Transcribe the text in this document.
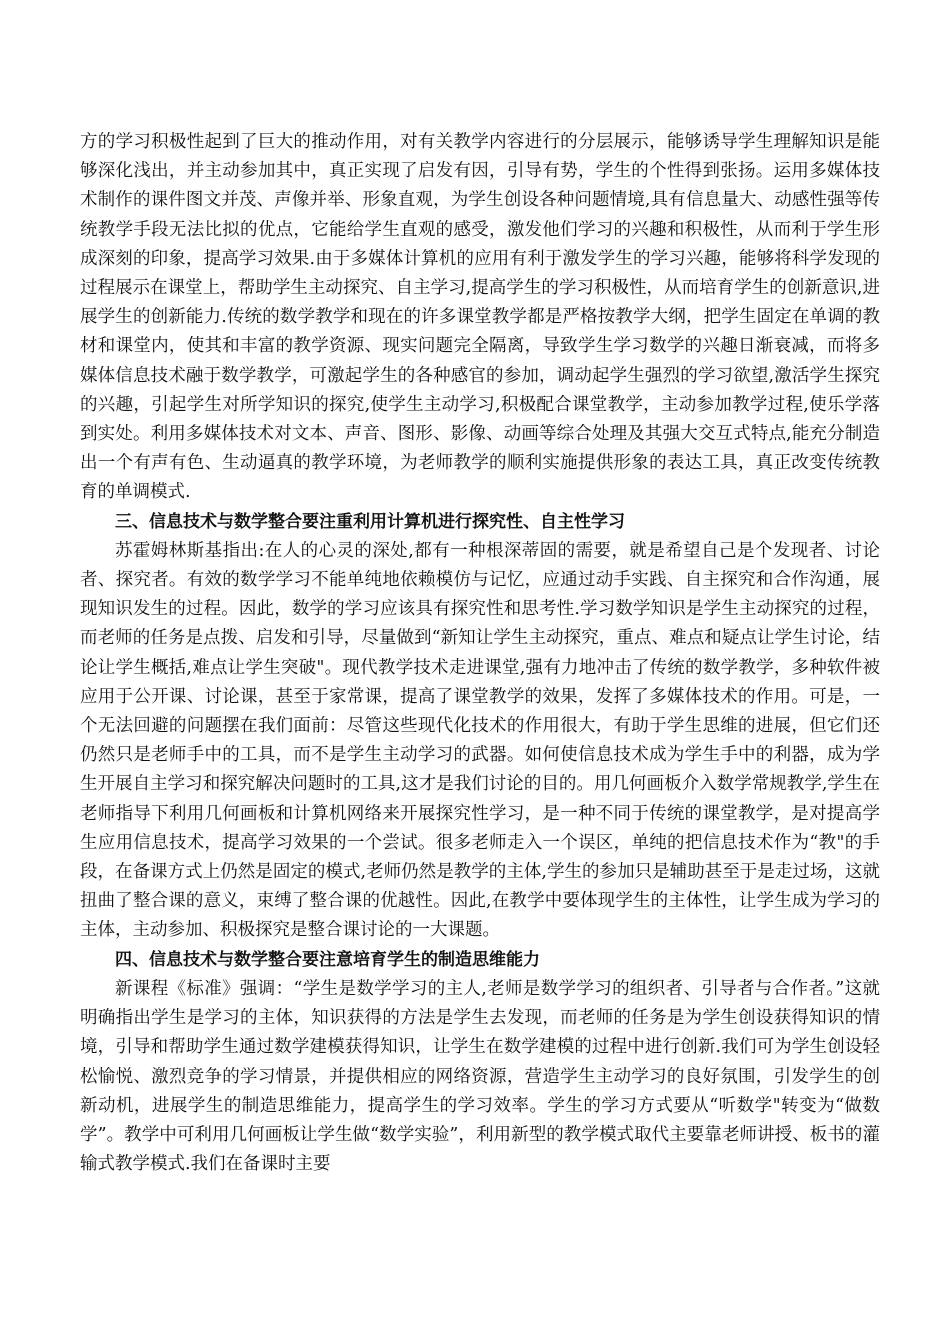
方的学习积极性起到了巨大的推动作用，对有关教学内容进行的分层展示，能够诱导学生理解知识是能够深化浅出，并主动参加其中，真正实现了启发有因，引导有势，学生的个性得到张扬。运用多媒体技术制作的课件图文并茂、声像并举、形象直观，为学生创设各种问题情境,具有信息量大、动感性强等传统教学手段无法比拟的优点，它能给学生直观的感受，激发他们学习的兴趣和积极性，从而利于学生形成深刻的印象，提高学习效果.由于多媒体计算机的应用有利于激发学生的学习兴趣，能够将科学发现的过程展示在课堂上，帮助学生主动探究、自主学习,提高学生的学习积极性，从而培育学生的创新意识,进展学生的创新能力.传统的数学教学和现在的许多课堂教学都是严格按教学大纲，把学生固定在单调的教材和课堂内，使其和丰富的教学资源、现实问题完全隔离，导致学生学习数学的兴趣日渐衰减，而将多媒体信息技术融于数学教学，可激起学生的各种感官的参加，调动起学生强烈的学习欲望,激活学生探究的兴趣，引起学生对所学知识的探究,使学生主动学习,积极配合课堂教学，主动参加教学过程,使乐学落到实处。利用多媒体技术对文本、声音、图形、影像、动画等综合处理及其强大交互式特点,能充分制造出一个有声有色、生动逼真的教学环境，为老师教学的顺利实施提供形象的表达工具，真正改变传统教育的单调模式.

三、信息技术与数学整合要注重利用计算机进行探究性、自主性学习

苏霍姆林斯基指出:在人的心灵的深处,都有一种根深蒂固的需要，就是希望自己是个发现者、讨论者、探究者。有效的数学学习不能单纯地依赖模仿与记忆，应通过动手实践、自主探究和合作沟通，展现知识发生的过程。因此，数学的学习应该具有探究性和思考性.学习数学知识是学生主动探究的过程，而老师的任务是点拨、启发和引导，尽量做到“新知让学生主动探究，重点、难点和疑点让学生讨论，结论让学生概括,难点让学生突破"。现代教学技术走进课堂,强有力地冲击了传统的数学教学，多种软件被应用于公开课、讨论课，甚至于家常课，提高了课堂教学的效果，发挥了多媒体技术的作用。可是，一个无法回避的问题摆在我们面前：尽管这些现代化技术的作用很大，有助于学生思维的进展，但它们还仍然只是老师手中的工具，而不是学生主动学习的武器。如何使信息技术成为学生手中的利器，成为学生开展自主学习和探究解决问题时的工具,这才是我们讨论的目的。用几何画板介入数学常规教学,学生在老师指导下利用几何画板和计算机网络来开展探究性学习，是一种不同于传统的课堂教学，是对提高学生应用信息技术，提高学习效果的一个尝试。很多老师走入一个误区，单纯的把信息技术作为“教"的手段，在备课方式上仍然是固定的模式,老师仍然是教学的主体,学生的参加只是辅助甚至于是走过场，这就扭曲了整合课的意义，束缚了整合课的优越性。因此,在教学中要体现学生的主体性，让学生成为学习的主体，主动参加、积极探究是整合课讨论的一大课题。

四、信息技术与数学整合要注意培育学生的制造思维能力

新课程《标准》强调：“学生是数学学习的主人,老师是数学学习的组织者、引导者与合作者。”这就明确指出学生是学习的主体，知识获得的方法是学生去发现，而老师的任务是为学生创设获得知识的情境，引导和帮助学生通过数学建模获得知识，让学生在数学建模的过程中进行创新.我们可为学生创设轻松愉悦、激烈竞争的学习情景，并提供相应的网络资源，营造学生主动学习的良好氛围，引发学生的创新动机，进展学生的制造思维能力，提高学生的学习效率。学生的学习方式要从“听数学"转变为“做数学”。教学中可利用几何画板让学生做“数学实验”，利用新型的教学模式取代主要靠老师讲授、板书的灌输式教学模式.我们在备课时主要
